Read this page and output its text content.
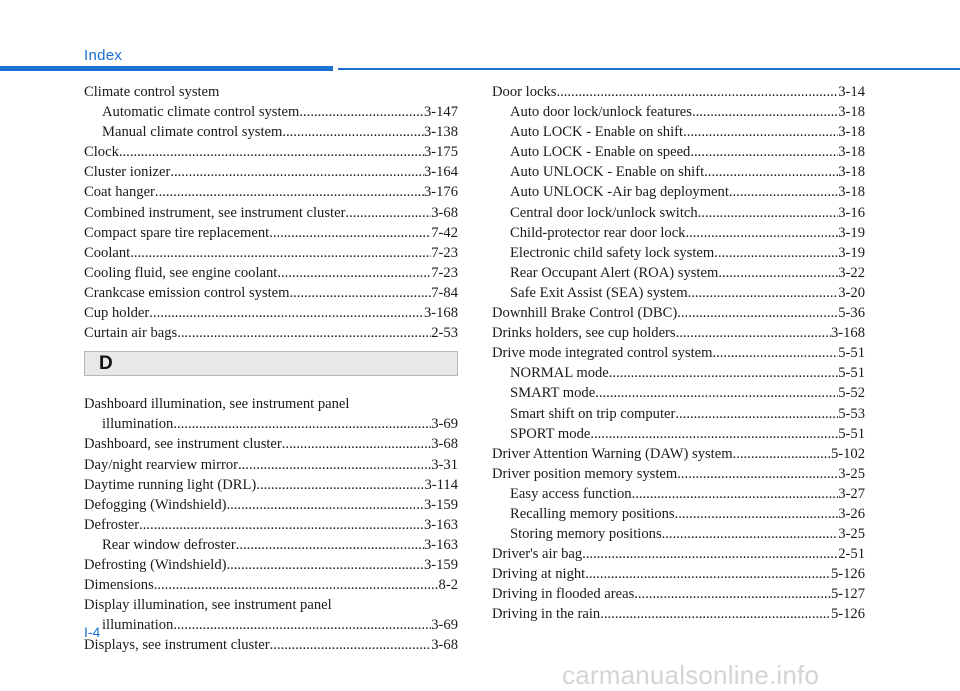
Index
Climate control system
Automatic climate control system .....	3-147
Manual climate control system .....	3-138
Clock .....	3-175
Cluster ionizer .....	3-164
Coat hanger .....	3-176
Combined instrument, see instrument cluster .....	3-68
Compact spare tire replacement .....	7-42
Coolant .....	7-23
Cooling fluid, see engine coolant .....	7-23
Crankcase emission control system .....	7-84
Cup holder .....	3-168
Curtain air bags .....	2-53
D
Dashboard illumination, see instrument panel
illumination .....	3-69
Dashboard, see instrument cluster .....	3-68
Day/night rearview mirror .....	3-31
Daytime running light (DRL) .....	3-114
Defogging (Windshield) .....	3-159
Defroster .....	3-163
Rear window defroster .....	3-163
Defrosting (Windshield) .....	3-159
Dimensions .....	8-2
Display illumination, see instrument panel
illumination .....	3-69
Displays, see instrument cluster .....	3-68
Door locks .....	3-14
Auto door lock/unlock features .....	3-18
Auto LOCK - Enable on shift .....	3-18
Auto LOCK - Enable on speed .....	3-18
Auto UNLOCK - Enable on shift .....	3-18
Auto UNLOCK -Air bag deployment .....	3-18
Central door lock/unlock switch .....	3-16
Child-protector rear door lock .....	3-19
Electronic child safety lock system .....	3-19
Rear Occupant Alert (ROA) system .....	3-22
Safe Exit Assist (SEA) system .....	3-20
Downhill Brake Control (DBC) .....	5-36
Drinks holders, see cup holders .....	3-168
Drive mode integrated control system .....	5-51
NORMAL mode .....	5-51
SMART mode .....	5-52
Smart shift on trip computer .....	5-53
SPORT mode .....	5-51
Driver Attention Warning (DAW) system .....	5-102
Driver position memory system .....	3-25
Easy access function .....	3-27
Recalling memory positions .....	3-26
Storing memory positions .....	3-25
Driver's air bag .....	2-51
Driving at night .....	5-126
Driving in flooded areas .....	5-127
Driving in the rain .....	5-126
I-4
carmanualsonline.info
